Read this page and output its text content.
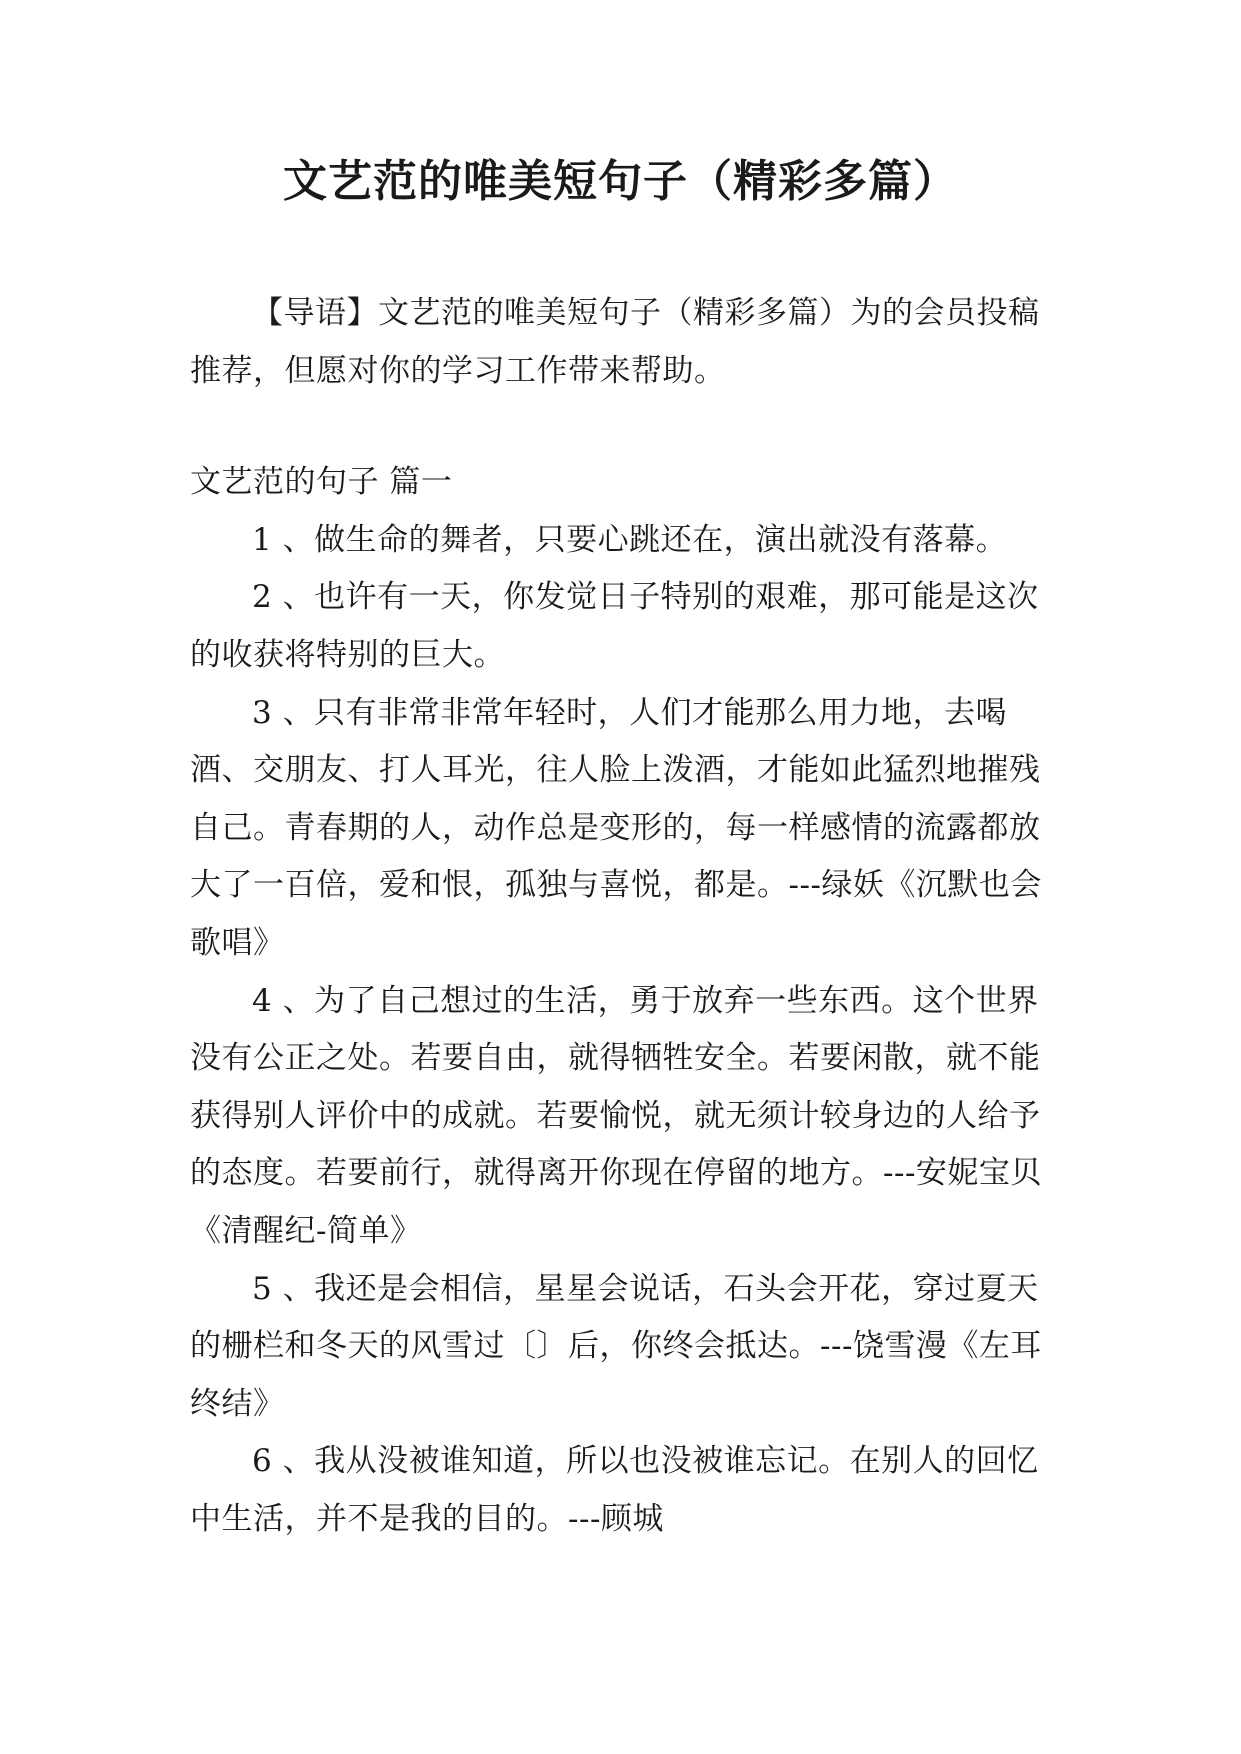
文艺范的唯美短句子（精彩多篇）

【导语】文艺范的唯美短句子（精彩多篇）为的会员投稿推荐，但愿对你的学习工作带来帮助。

文艺范的句子 篇一

1 、做生命的舞者，只要心跳还在，演出就没有落幕。

2 、也许有一天，你发觉日子特别的艰难，那可能是这次的收获将特别的巨大。

3 、只有非常非常年轻时，人们才能那么用力地，去喝酒、交朋友、打人耳光，往人脸上泼酒，才能如此猛烈地摧残自己。青春期的人，动作总是变形的，每一样感情的流露都放大了一百倍，爱和恨，孤独与喜悦，都是。---绿妖《沉默也会歌唱》

4 、为了自己想过的生活，勇于放弃一些东西。这个世界没有公正之处。若要自由，就得牺牲安全。若要闲散，就不能获得别人评价中的成就。若要愉悦，就无须计较身边的人给予的态度。若要前行，就得离开你现在停留的地方。---安妮宝贝《清醒纪-简单》

5 、我还是会相信，星星会说话，石头会开花，穿过夏天的栅栏和冬天的风雪过〔〕后，你终会抵达。---饶雪漫《左耳终结》

6 、我从没被谁知道，所以也没被谁忘记。在别人的回忆中生活，并不是我的目的。---顾城
